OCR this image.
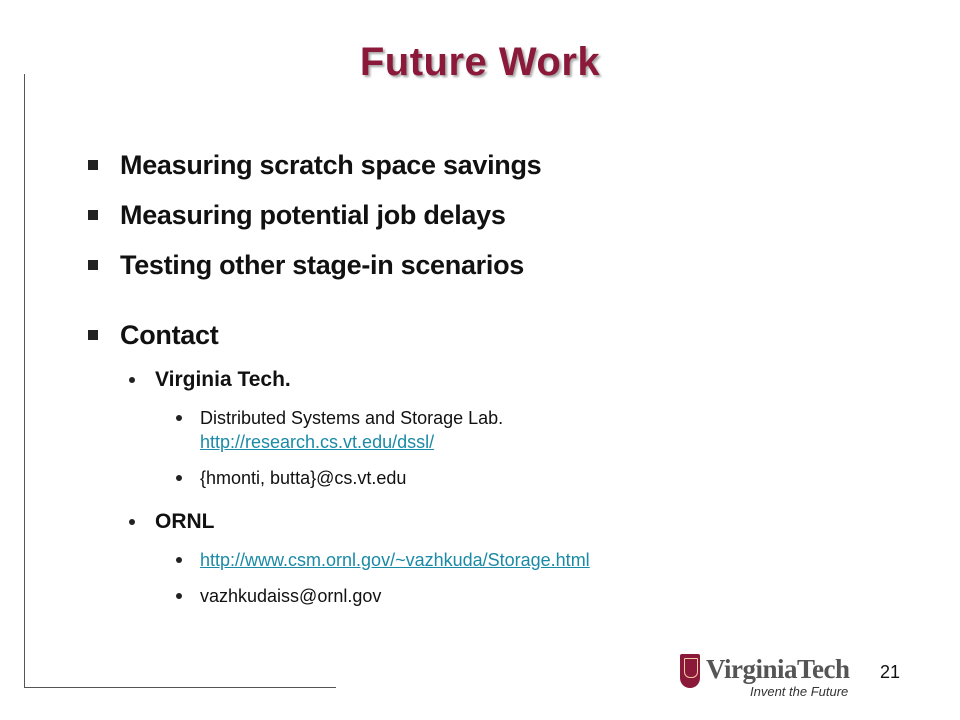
Future Work
Measuring scratch space savings
Measuring potential job delays
Testing other stage-in scenarios
Contact
Virginia Tech.
Distributed Systems and Storage Lab.
http://research.cs.vt.edu/dssl/
{hmonti, butta}@cs.vt.edu
ORNL
http://www.csm.ornl.gov/~vazhkuda/Storage.html
vazhkudaiss@ornl.gov
VirginiaTech
Invent the Future
21
